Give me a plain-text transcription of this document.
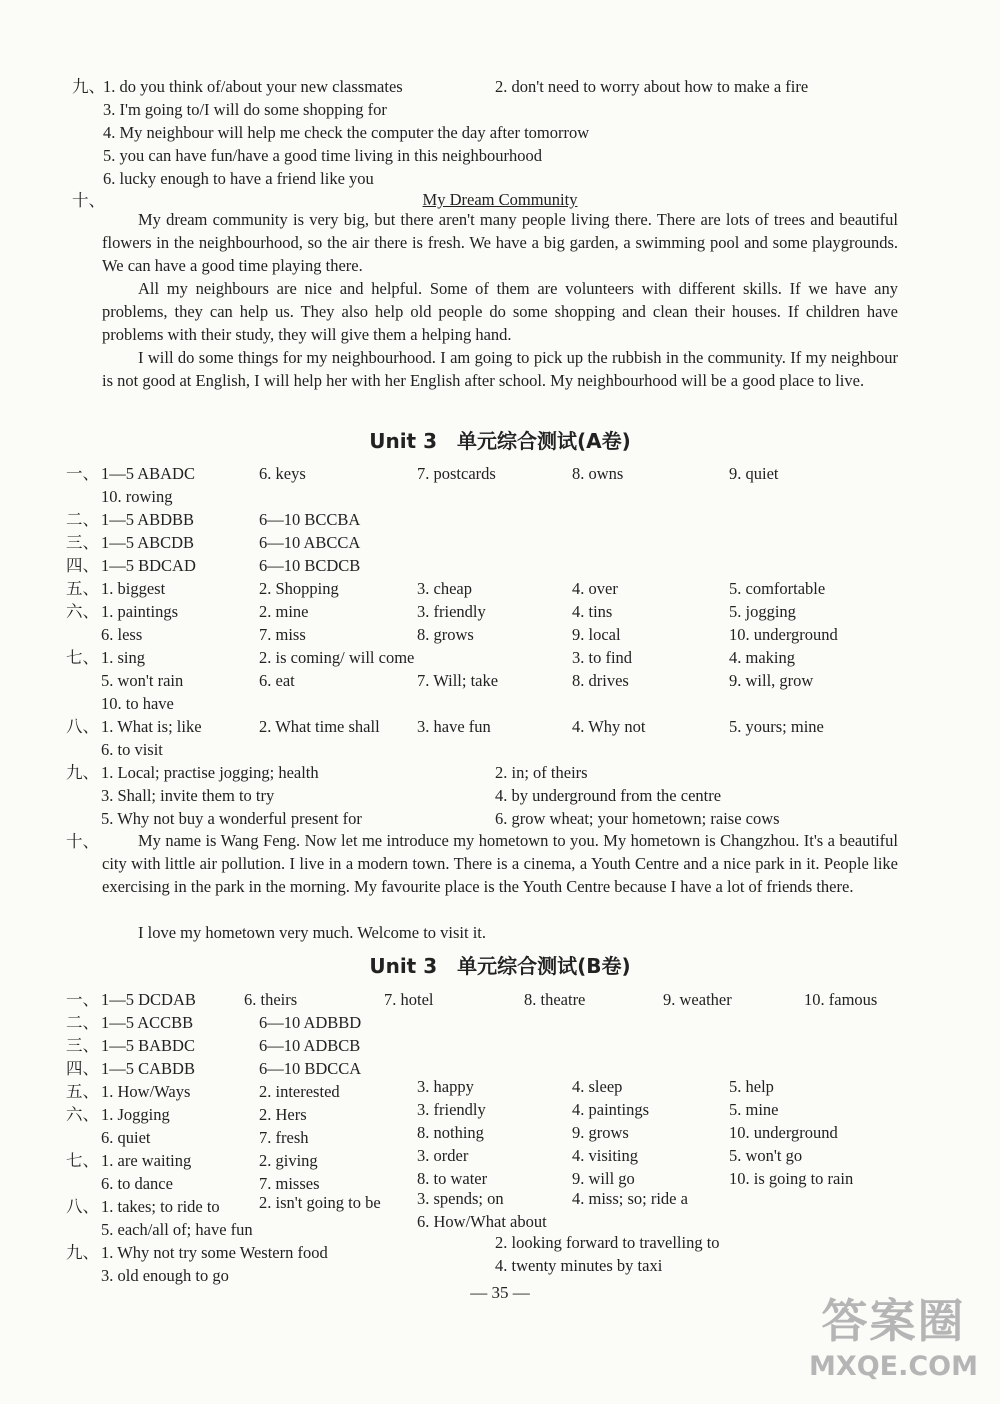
九、
1. do you think of/about your new classmates	2. don't need to worry about how to make a fire
3. I'm going to/I will do some shopping for
4. My neighbour will help me check the computer the day after tomorrow
5. you can have fun/have a good time living in this neighbourhood
6. lucky enough to have a friend like you
十、	My Dream Community
My dream community is very big, but there aren't many people living there. There are lots of trees and beautiful flowers in the neighbourhood, so the air there is fresh. We have a big garden, a swimming pool and some playgrounds. We can have a good time playing there.
All my neighbours are nice and helpful. Some of them are volunteers with different skills. If we have any problems, they can help us. They also help old people do some shopping and clean their houses. If children have problems with their study, they will give them a helping hand.
I will do some things for my neighbourhood. I am going to pick up the rubbish in the community. If my neighbour is not good at English, I will help her with her English after school. My neighbourhood will be a good place to live.
Unit 3　单元综合测试(A卷)
一、 1—5 ABADC	6. keys	7. postcards	8. owns	9. quiet
10. rowing
二、 1—5 ABDBB	6—10 BCCBA
三、 1—5 ABCDB	6—10 ABCCA
四、 1—5 BDCAD	6—10 BCDCB
五、 1. biggest	2. Shopping	3. cheap	4. over	5. comfortable
六、 1. paintings	2. mine	3. friendly	4. tins	5. jogging
6. less	7. miss	8. grows	9. local	10. underground
七、 1. sing	2. is coming/ will come	3. to find	4. making
5. won't rain	6. eat	7. Will; take	8. drives	9. will, grow
10. to have
八、 1. What is; like	2. What time shall 3. have fun	4. Why not	5. yours; mine
6. to visit
九、 1. Local; practise jogging; health	2. in; of theirs
3. Shall; invite them to try	4. by underground from the centre
5. Why not buy a wonderful present for	6. grow wheat; your hometown; raise cows
十、	My name is Wang Feng. Now let me introduce my hometown to you. My hometown is Changzhou. It's a beautiful city with little air pollution. I live in a modern town. There is a cinema, a Youth Centre and a nice park in it. People like exercising in the park in the morning. My favourite place is the Youth Centre because I have a lot of friends there.
I love my hometown very much. Welcome to visit it.
Unit 3　单元综合测试(B卷)
一、 1—5 DCDAB	6. theirs	7. hotel	8. theatre	9. weather	10. famous
二、 1—5 ACCBB	6—10 ADBBD
三、 1—5 BABDC	6—10 ADBCB
四、 1—5 CABDB	6—10 BDCCA
五、 1. How/Ways	2. interested	3. happy	4. sleep	5. help
六、 1. Jogging	2. Hers	3. friendly	4. paintings	5. mine
6. quiet	7. fresh	8. nothing	9. grows	10. underground
七、 1. are waiting	2. giving	3. order	4. visiting	5. won't go
6. to dance	7. misses	8. to water	9. will go	10. is going to rain
八、 1. takes; to ride to 2. isn't going to be 3. spends; on	4. miss; so; ride a
5. each/all of; have fun	6. How/What about
九、 1. Why not try some Western food
2. looking forward to travelling to
3. old enough to go
4. twenty minutes by taxi
— 35 —
答案圈
MXQE.COM
